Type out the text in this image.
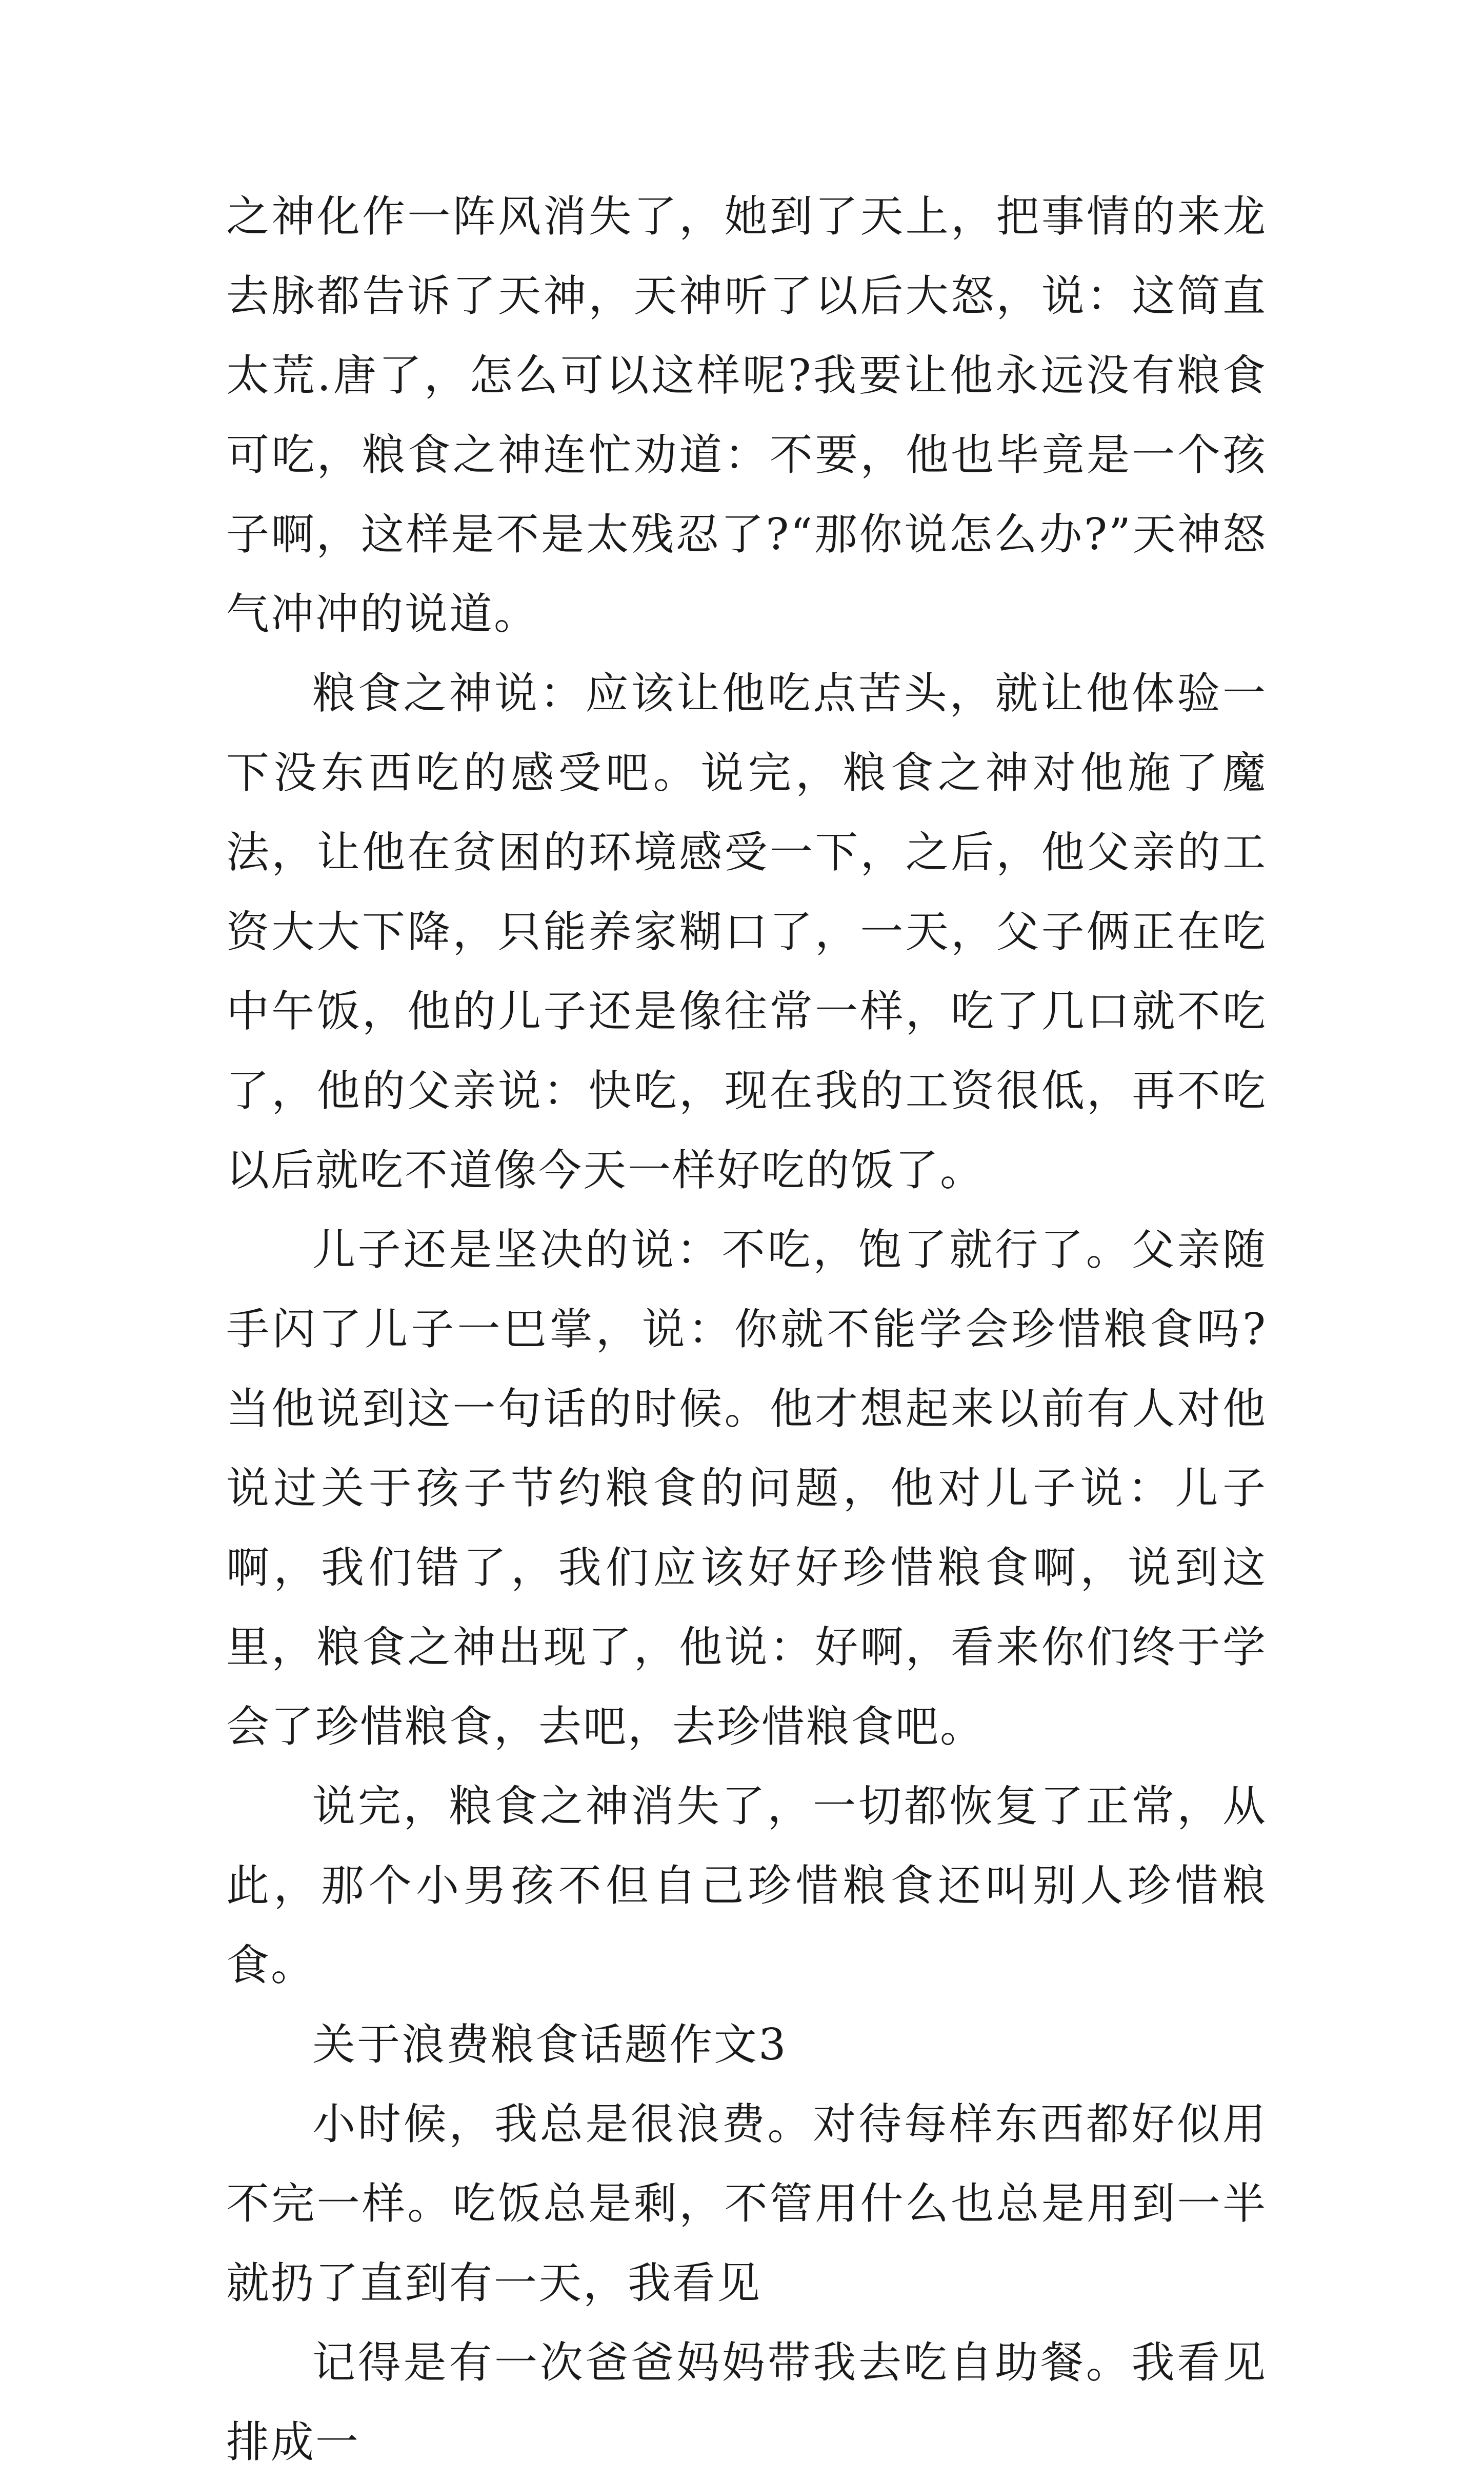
之神化作一阵风消失了，她到了天上，把事情的来龙去脉都告诉了天神，天神听了以后大怒，说：这简直太荒.唐了，怎么可以这样呢?我要让他永远没有粮食可吃，粮食之神连忙劝道：不要，他也毕竟是一个孩子啊，这样是不是太残忍了?“那你说怎么办?”天神怒气冲冲的说道。

粮食之神说：应该让他吃点苦头，就让他体验一下没东西吃的感受吧。说完，粮食之神对他施了魔法，让他在贫困的环境感受一下，之后，他父亲的工资大大下降，只能养家糊口了，一天，父子俩正在吃中午饭，他的儿子还是像往常一样，吃了几口就不吃了，他的父亲说：快吃，现在我的工资很低，再不吃以后就吃不道像今天一样好吃的饭了。

儿子还是坚决的说：不吃，饱了就行了。父亲随手闪了儿子一巴掌，说：你就不能学会珍惜粮食吗?当他说到这一句话的时候。他才想起来以前有人对他说过关于孩子节约粮食的问题，他对儿子说：儿子啊，我们错了，我们应该好好珍惜粮食啊，说到这里，粮食之神出现了，他说：好啊，看来你们终于学会了珍惜粮食，去吧，去珍惜粮食吧。

说完，粮食之神消失了，一切都恢复了正常，从此，那个小男孩不但自己珍惜粮食还叫别人珍惜粮食。

关于浪费粮食话题作文3

小时候，我总是很浪费。对待每样东西都好似用不完一样。吃饭总是剩，不管用什么也总是用到一半就扔了直到有一天，我看见

记得是有一次爸爸妈妈带我去吃自助餐。我看见排成一
